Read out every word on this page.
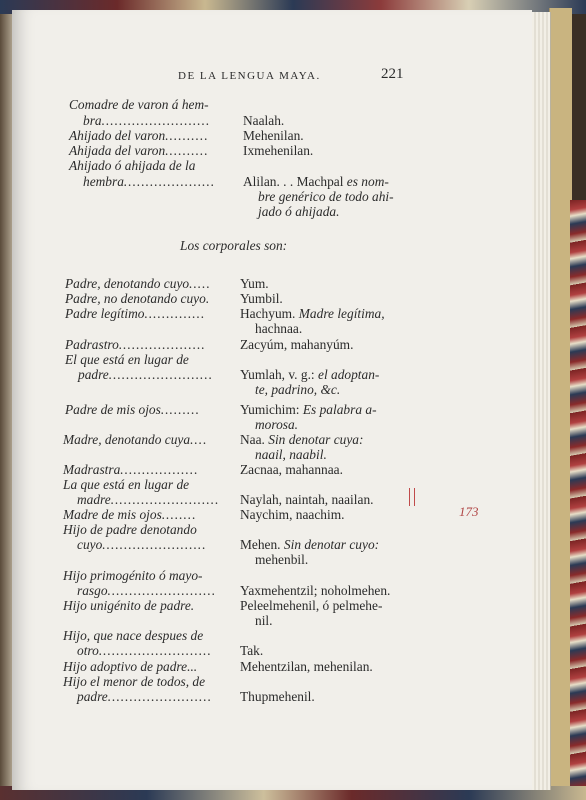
DE LA LENGUA MAYA.	221
Comadre de varon á hem-
bra......................... Naalah.
Ahijado del varon..........	Mehenilan.
Ahijada del varon..........	Ixmehenilan.
Ahijado ó ahijada de la
hembra..................... Alilan. . . Machpal es nom-
bre genérico de todo ahi-
jado ó ahijada.
Los corporales son:
Padre, denotando cuyo..... Yum.
Padre, no denotando cuyo. Yumbil.
Padre legítimo..............	Hachyum. Madre legítima,
hachnaa.
Padrastro....................	Zacyúm, mahanyúm.
El que está en lugar de
padre........................ Yumlah, v. g.: el adoptan-
te, padrino, &c.
Padre de mis ojos.........	Yumichim: Es palabra a-
morosa.
Madre, denotando cuya.... Naa. Sin denotar cuya:
naail, naabil.
Madrastra..................	Zacnaa, mahannaa.
La que está en lugar de
madre......................... Naylah, naintah, naailan.
Madre de mis ojos........	Naychim, naachim.	173
Hijo de padre denotando
cuyo........................ Mehen. Sin denotar cuyo:
mehenbil.
Hijo primogénito ó mayo-
rasgo......................... Yaxmehentzil; noholmehen.
Hijo unigénito de padre.	Peleelmehenil, ó pelmehe-
nil.
Hijo, que nace despues de
otro.......................... Tak.
Hijo adoptivo de padre...	Mehentzilan, mehenilan.
Hijo el menor de todos, de
padre........................ Thupmehenil.
